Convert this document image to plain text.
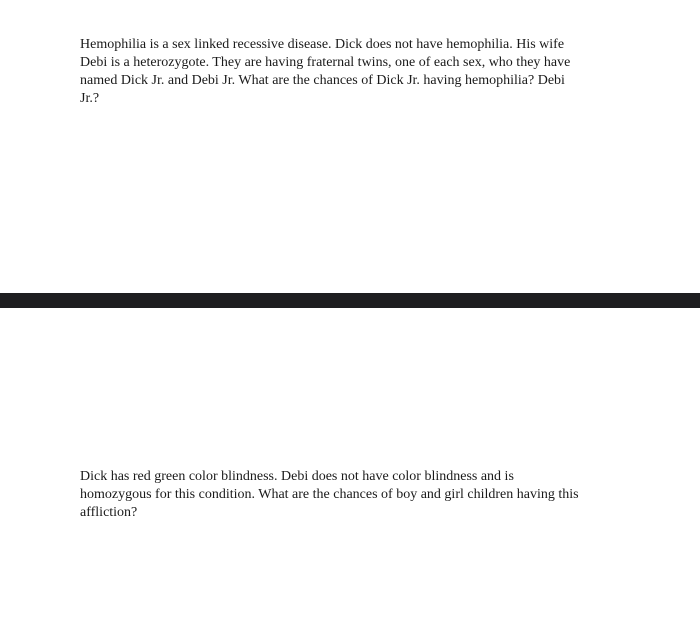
Hemophilia is a sex linked recessive disease. Dick does not have hemophilia. His wife
Debi is a heterozygote. They are having fraternal twins, one of each sex, who they have
named Dick Jr. and Debi Jr. What are the chances of Dick Jr. having hemophilia? Debi
Jr.?

Dick has red green color blindness. Debi does not have color blindness and is
homozygous for this condition. What are the chances of boy and girl children having this
affliction?
